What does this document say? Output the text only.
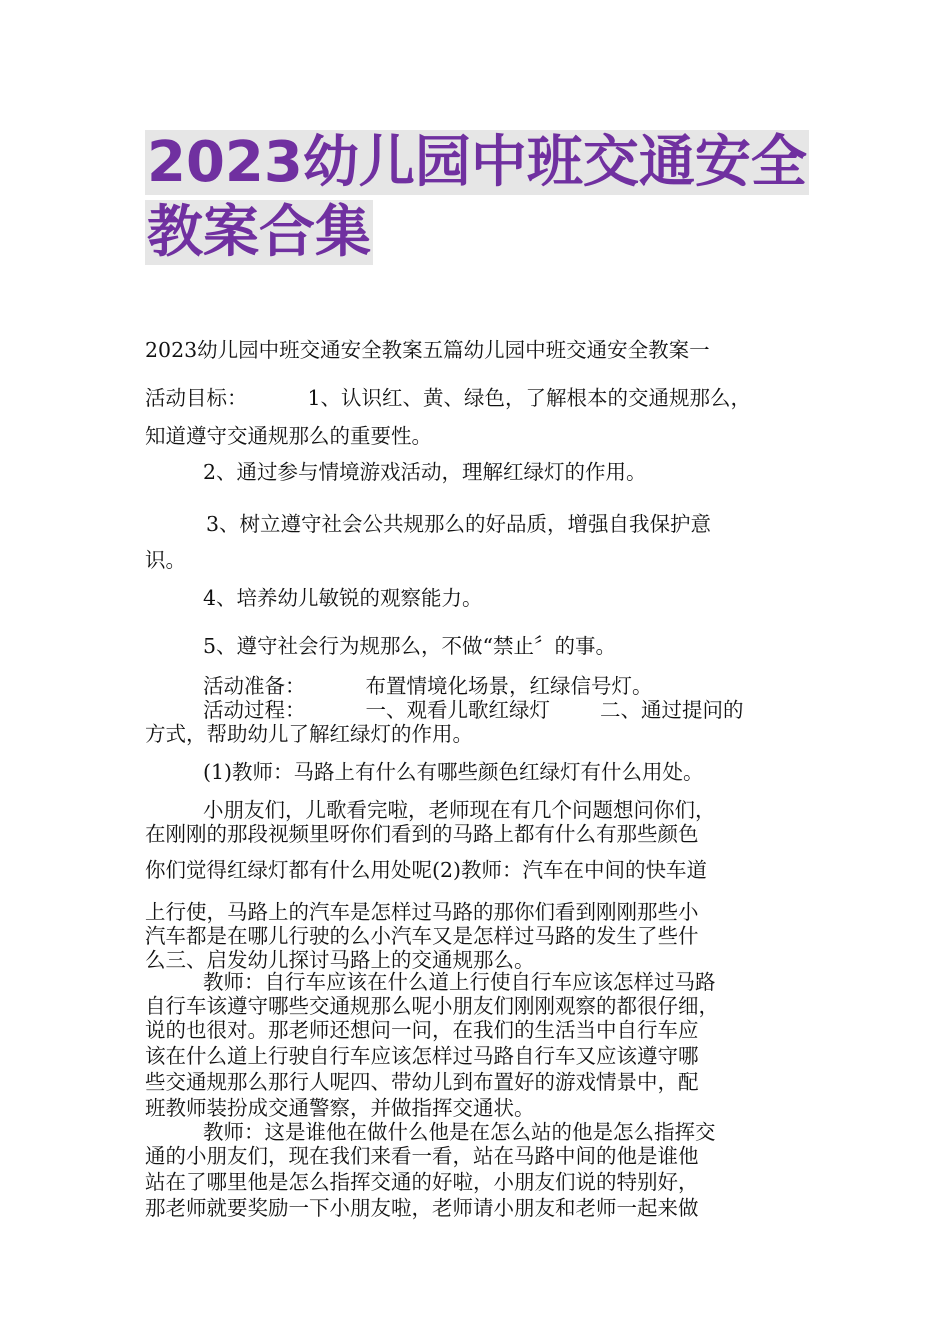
2023幼儿园中班交通安全
教案合集

2023幼儿园中班交通安全教案五篇幼儿园中班交通安全教案一

活动目标：	1、认识红、黄、绿色，了解根本的交通规那么，

知道遵守交通规那么的重要性。

2、通过参与情境游戏活动，理解红绿灯的作用。

3、树立遵守社会公共规那么的好品质，增强自我保护意

识。

4、培养幼儿敏锐的观察能力。

5、遵守社会行为规那么，不做“禁止〞的事。

活动准备：	布置情境化场景，红绿信号灯。

活动过程：	一、观看儿歌红绿灯 二、通过提问的

方式，帮助幼儿了解红绿灯的作用。

(1)教师：马路上有什么有哪些颜色红绿灯有什么用处。

小朋友们，儿歌看完啦，老师现在有几个问题想问你们，

在刚刚的那段视频里呀你们看到的马路上都有什么有那些颜色

你们觉得红绿灯都有什么用处呢(2)教师：汽车在中间的快车道

上行使，马路上的汽车是怎样过马路的那你们看到刚刚那些小

汽车都是在哪儿行驶的么小汽车又是怎样过马路的发生了些什

么三、启发幼儿探讨马路上的交通规那么。

教师：自行车应该在什么道上行使自行车应该怎样过马路

自行车该遵守哪些交通规那么呢小朋友们刚刚观察的都很仔细，

说的也很对。那老师还想问一问，在我们的生活当中自行车应

该在什么道上行驶自行车应该怎样过马路自行车又应该遵守哪

些交通规那么那行人呢四、带幼儿到布置好的游戏情景中，配

班教师装扮成交通警察，并做指挥交通状。

教师：这是谁他在做什么他是在怎么站的他是怎么指挥交

通的小朋友们，现在我们来看一看，站在马路中间的他是谁他

站在了哪里他是怎么指挥交通的好啦，小朋友们说的特别好，

那老师就要奖励一下小朋友啦，老师请小朋友和老师一起来做
